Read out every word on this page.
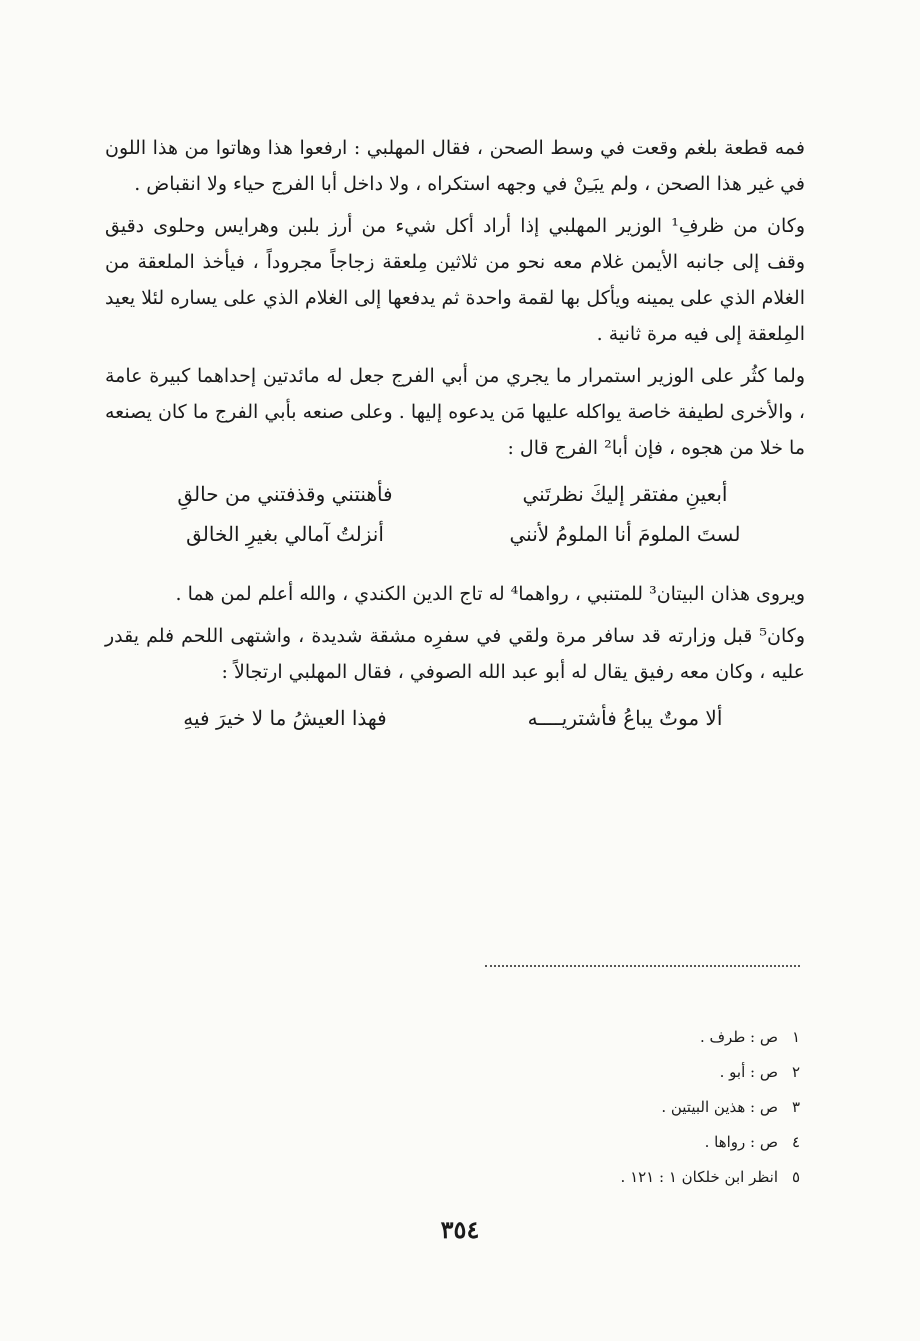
فمه قطعة بلغم وقعت في وسط الصحن ، فقال المهلبي : ارفعوا هذا وهاتوا من هذا اللون في غير هذا الصحن ، ولم يبَـِنْ في وجهه استكراه ، ولا داخل أبا الفرج حياء ولا انقباض .

وكان من ظرفِ¹ الوزير المهلبي إذا أراد أكل شيء من أرز بلبن وهرايس وحلوى دقيق وقف إلى جانبه الأيمن غلام معه نحو من ثلاثين مِلعقة زجاجاً مجروداً ، فيأخذ الملعقة من الغلام الذي على يمينه ويأكل بها لقمة واحدة ثم يدفعها إلى الغلام الذي على يساره لئلا يعيد المِلعقة إلى فيه مرة ثانية .

ولما كثُر على الوزير استمرار ما يجري من أبي الفرج جعل له مائدتين إحداهما كبيرة عامة ، والأخرى لطيفة خاصة يواكله عليها مَن يدعوه إليها . وعلى صنعه بأبي الفرج ما كان يصنعه ما خلا من هجوه ، فإن أبا² الفرج قال :

أبعينِ مفتقر إليكَ نظرتَني
فأهنتني وقذفتني من حالقِ
لستَ الملومَ أنا الملومُ لأنني
أنزلتُ آمالي بغيرِ الخالق

ويروى هذان البيتان³ للمتنبي ، رواهما⁴ له تاج الدين الكندي ، والله أعلم لمن هما .

وكان⁵ قبل وزارته قد سافر مرة ولقي في سفرِه مشقة شديدة ، واشتهى اللحم فلم يقدر عليه ، وكان معه رفيق يقال له أبو عبد الله الصوفي ، فقال المهلبي ارتجالاً :

ألا موتٌ يباعُ فأشتريــــه
فهذا العيشُ ما لا خيرَ فيهِ
١ص : طرف .
٢ص : أبو .
٣ص : هذين البيتين .
٤ص : رواها .
٥انظر ابن خلكان ١ : ١٢١ .
٣٥٤
